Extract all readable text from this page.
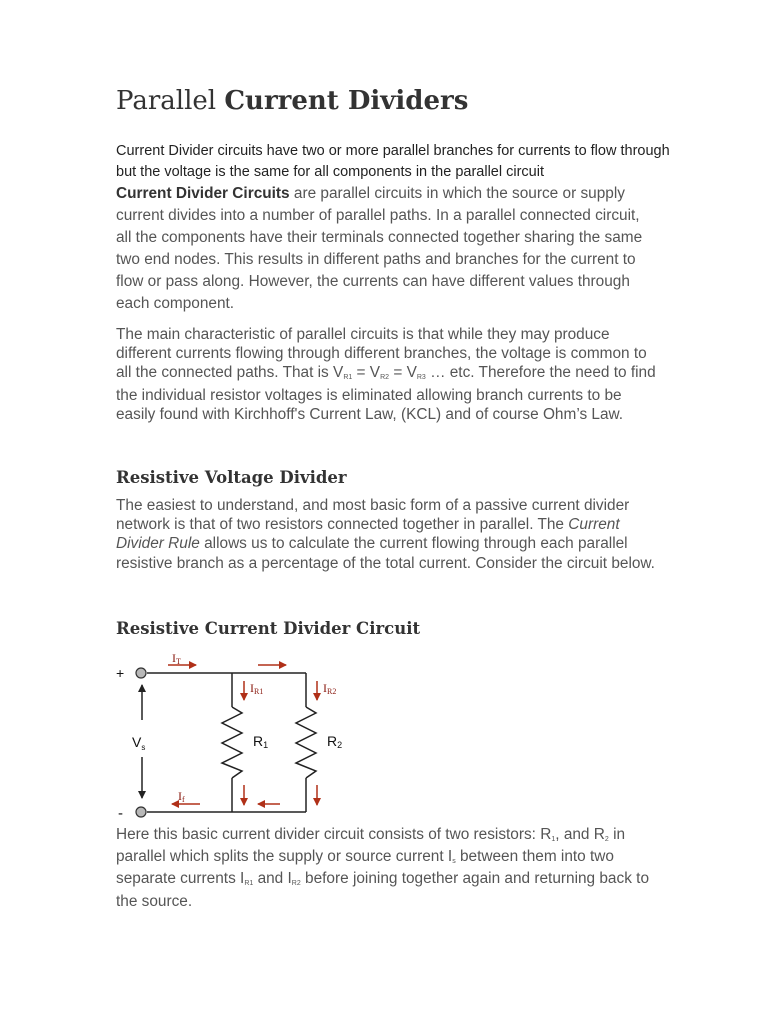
Parallel Current Dividers

Current Divider circuits have two or more parallel branches for currents to flow through but the voltage is the same for all components in the parallel circuit

Current Divider Circuits are parallel circuits in which the source or supply current divides into a number of parallel paths. In a parallel connected circuit, all the components have their terminals connected together sharing the same two end nodes. This results in different paths and branches for the current to flow or pass along. However, the currents can have different values through each component.

The main characteristic of parallel circuits is that while they may produce different currents flowing through different branches, the voltage is common to all the connected paths. That is VR1 = VR2 = VR3 … etc. Therefore the need to find the individual resistor voltages is eliminated allowing branch currents to be easily found with Kirchhoff's Current Law, (KCL) and of course Ohm’s Law.

Resistive Voltage Divider

The easiest to understand, and most basic form of a passive current divider network is that of two resistors connected together in parallel. The Current Divider Rule allows us to calculate the current flowing through each parallel resistive branch as a percentage of the total current. Consider the circuit below.

Resistive Current Divider Circuit
+
-
$V_s$
IT
IR1	IR2
If
R1	R2

Here this basic current divider circuit consists of two resistors: R1, and R2 in parallel which splits the supply or source current Is between them into two separate currents IR1 and IR2 before joining together again and returning back to the source.
